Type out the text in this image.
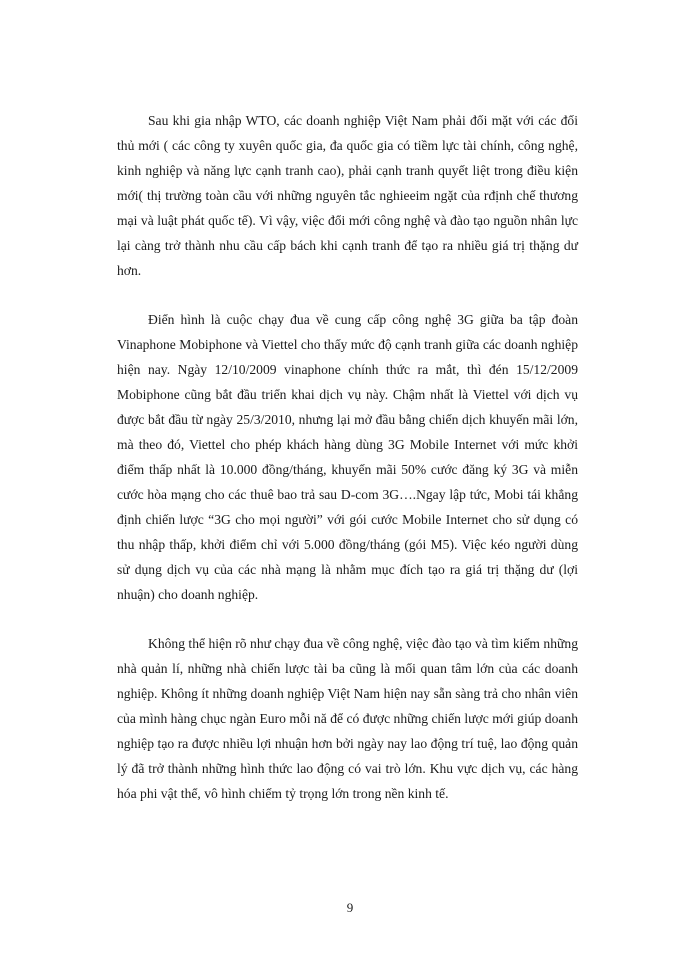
Sau khi gia nhập WTO, các doanh nghiệp Việt Nam phải đối mặt với các đối thủ mới ( các công ty xuyên quốc gia, đa quốc gia có tiềm lực tài chính, công nghệ, kinh nghiệp và năng lực cạnh tranh cao), phải cạnh tranh quyết liệt trong điều kiện mới( thị trường toàn cầu với những nguyên tắc nghieeim ngặt của rđịnh chế thương mại và luật phát quốc tế). Vì vậy, việc đổi mới công nghệ và đào tạo nguồn nhân lực lại càng trở thành nhu cầu cấp bách khi cạnh tranh để tạo ra nhiều giá trị thặng dư hơn.

Điển hình là cuộc chạy đua về cung cấp công nghệ 3G giữa ba tập đoàn Vinaphone Mobiphone và Viettel cho thấy mức độ cạnh tranh giữa các doanh nghiệp hiện nay. Ngày 12/10/2009 vinaphone chính thức ra mắt, thì đén 15/12/2009 Mobiphone cũng bắt đầu triển khai dịch vụ này. Chậm nhất là Viettel với dịch vụ được bắt đầu từ ngày 25/3/2010, nhưng lại mở đầu bằng chiến dịch khuyến mãi lớn, mà theo đó, Viettel cho phép khách hàng dùng 3G Mobile Internet với mức khởi điểm thấp nhất là 10.000 đồng/tháng, khuyến mãi 50% cước đăng ký 3G và miễn cước hòa mạng cho các thuê bao trả sau D-com 3G….Ngay lập tức, Mobi tái khẳng định chiến lược “3G cho mọi người” với gói cước Mobile Internet cho sử dụng có thu nhập thấp, khởi điểm chỉ với 5.000 đồng/tháng (gói M5). Việc kéo người dùng sử dụng dịch vụ của các nhà mạng là nhằm mục đích tạo ra giá trị thặng dư (lợi nhuận) cho doanh nghiệp.

Không thể hiện rõ như chạy đua về công nghệ, việc đào tạo và tìm kiếm những nhà quản lí, những nhà chiến lược tài ba cũng là mối quan tâm lớn của các doanh nghiệp. Không ít những doanh nghiệp Việt Nam hiện nay sẵn sàng trả cho nhân viên của mình hàng chục ngàn Euro mỗi nă để có được những chiến lược mới giúp doanh nghiệp tạo ra được nhiều lợi nhuận hơn bởi ngày nay lao động trí tuệ, lao động quản lý đã trở thành những hình thức lao động có vai trò lớn. Khu vực dịch vụ, các hàng hóa phi vật thể, vô hình chiếm tỷ trọng lớn trong nền kinh tế.

9
